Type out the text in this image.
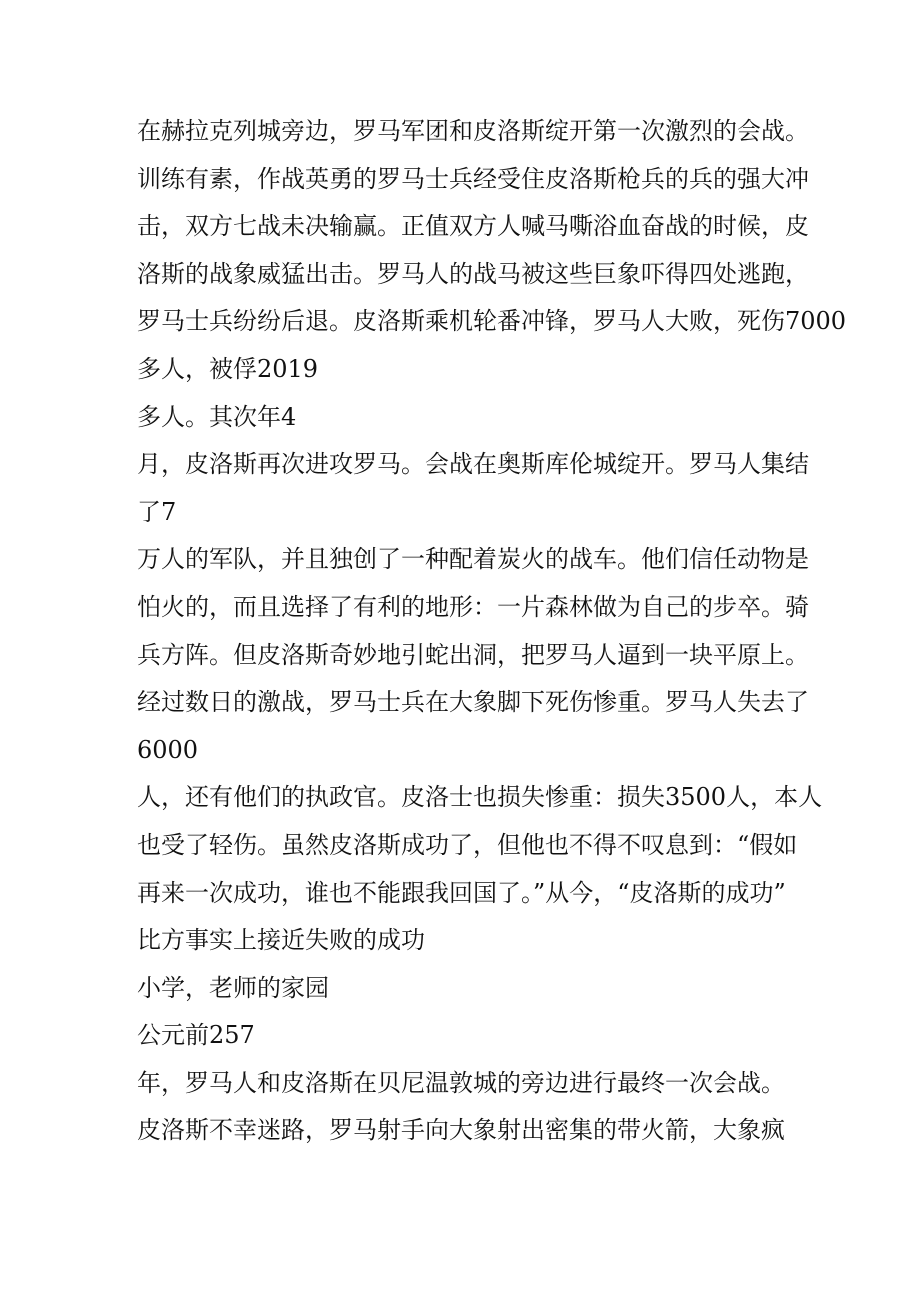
在赫拉克列城旁边，罗马军团和皮洛斯绽开第一次激烈的会战。
训练有素，作战英勇的罗马士兵经受住皮洛斯枪兵的兵的强大冲
击，双方七战未决输赢。正值双方人喊马嘶浴血奋战的时候，皮
洛斯的战象威猛出击。罗马人的战马被这些巨象吓得四处逃跑，
罗马士兵纷纷后退。皮洛斯乘机轮番冲锋，罗马人大败，死伤7000
多人，被俘2019
多人。其次年4
月，皮洛斯再次进攻罗马。会战在奥斯库伦城绽开。罗马人集结
了7
万人的军队，并且独创了一种配着炭火的战车。他们信任动物是
怕火的，而且选择了有利的地形：一片森林做为自己的步卒。骑
兵方阵。但皮洛斯奇妙地引蛇出洞，把罗马人逼到一块平原上。
经过数日的激战，罗马士兵在大象脚下死伤惨重。罗马人失去了
6000
人，还有他们的执政官。皮洛士也损失惨重：损失3500人，本人
也受了轻伤。虽然皮洛斯成功了，但他也不得不叹息到：“假如
再来一次成功，谁也不能跟我回国了。”从今，“皮洛斯的成功”
比方事实上接近失败的成功
小学，老师的家园
公元前257
年，罗马人和皮洛斯在贝尼温敦城的旁边进行最终一次会战。
皮洛斯不幸迷路，罗马射手向大象射出密集的带火箭，大象疯
